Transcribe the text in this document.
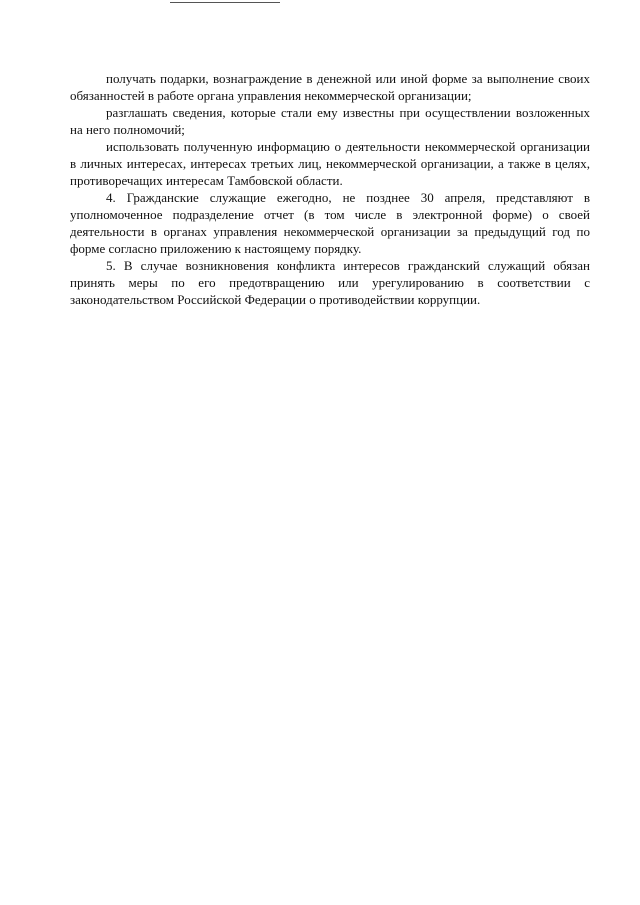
получать подарки, вознаграждение в денежной или иной форме за выполнение своих обязанностей в работе органа управления некоммерческой организации;

разглашать сведения, которые стали ему известны при осуществлении возложенных на него полномочий;

использовать полученную информацию о деятельности некоммерческой организации в личных интересах, интересах третьих лиц, некоммерческой организации, а также в целях, противоречащих интересам Тамбовской области.

4. Гражданские служащие ежегодно, не позднее 30 апреля, представляют в уполномоченное подразделение отчет (в том числе в электронной форме) о своей деятельности в органах управления некоммерческой организации за предыдущий год по форме согласно приложению к настоящему порядку.

5. В случае возникновения конфликта интересов гражданский служащий обязан принять меры по его предотвращению или урегулированию в соответствии с законодательством Российской Федерации о противодействии коррупции.
